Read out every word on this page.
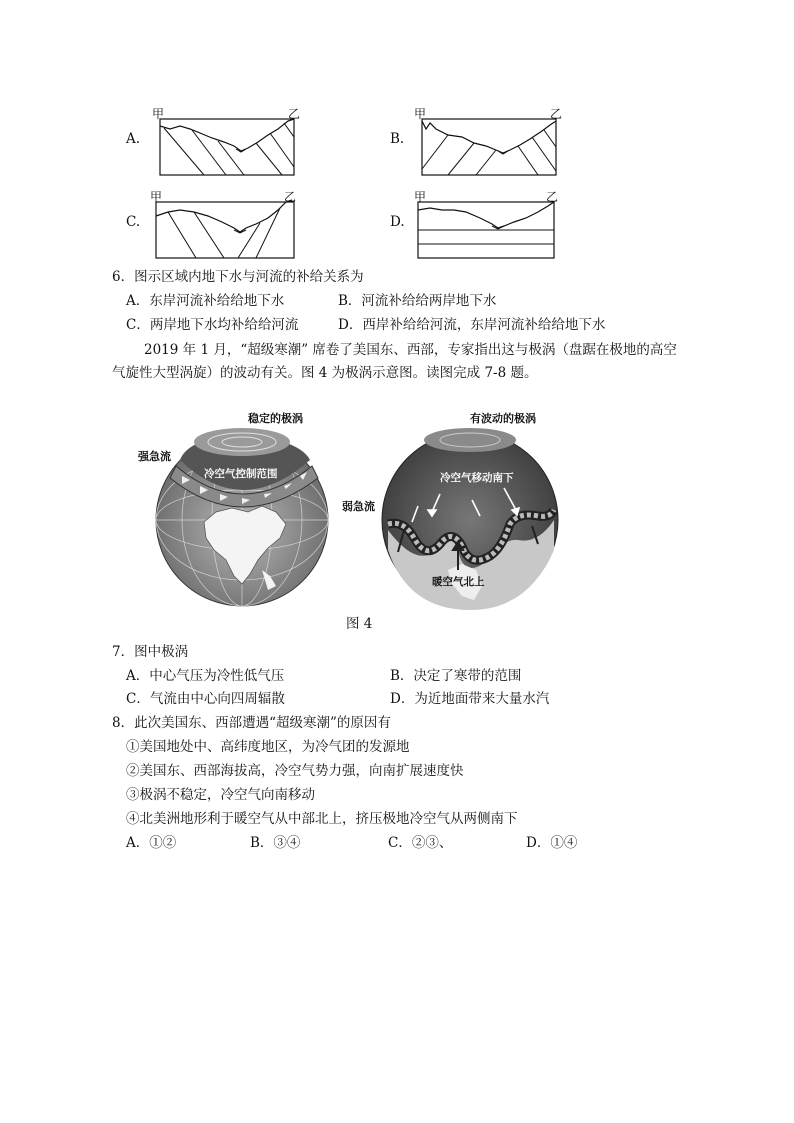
A.
甲	乙
B.
甲	乙
C.
甲	乙
D.
甲	乙
6．图示区域内地下水与河流的补给关系为
A．东岸河流补给给地下水	B．河流补给给两岸地下水
C．两岸地下水均补给给河流	D．西岸补给给河流，东岸河流补给给地下水
2019 年 1 月，“超级寒潮” 席卷了美国东、西部，专家指出这与极涡（盘踞在极地的高空
气旋性大型涡旋）的波动有关。图 4 为极涡示意图。读图完成 7-8 题。
稳定的极涡
强急流
冷空气控制范围
有波动的极涡
弱急流
冷空气移动南下
暖空气北上
图 4
7．图中极涡
A．中心气压为冷性低气压	B．决定了寒带的范围
C．气流由中心向四周辐散	D．为近地面带来大量水汽
8．此次美国东、西部遭遇“超级寒潮”的原因有
①美国地处中、高纬度地区，为冷气团的发源地
②美国东、西部海拔高，冷空气势力强，向南扩展速度快
③极涡不稳定，冷空气向南移动
④北美洲地形利于暖空气从中部北上，挤压极地冷空气从两侧南下
A．①②	B．③④	C．②③、	D．①④
